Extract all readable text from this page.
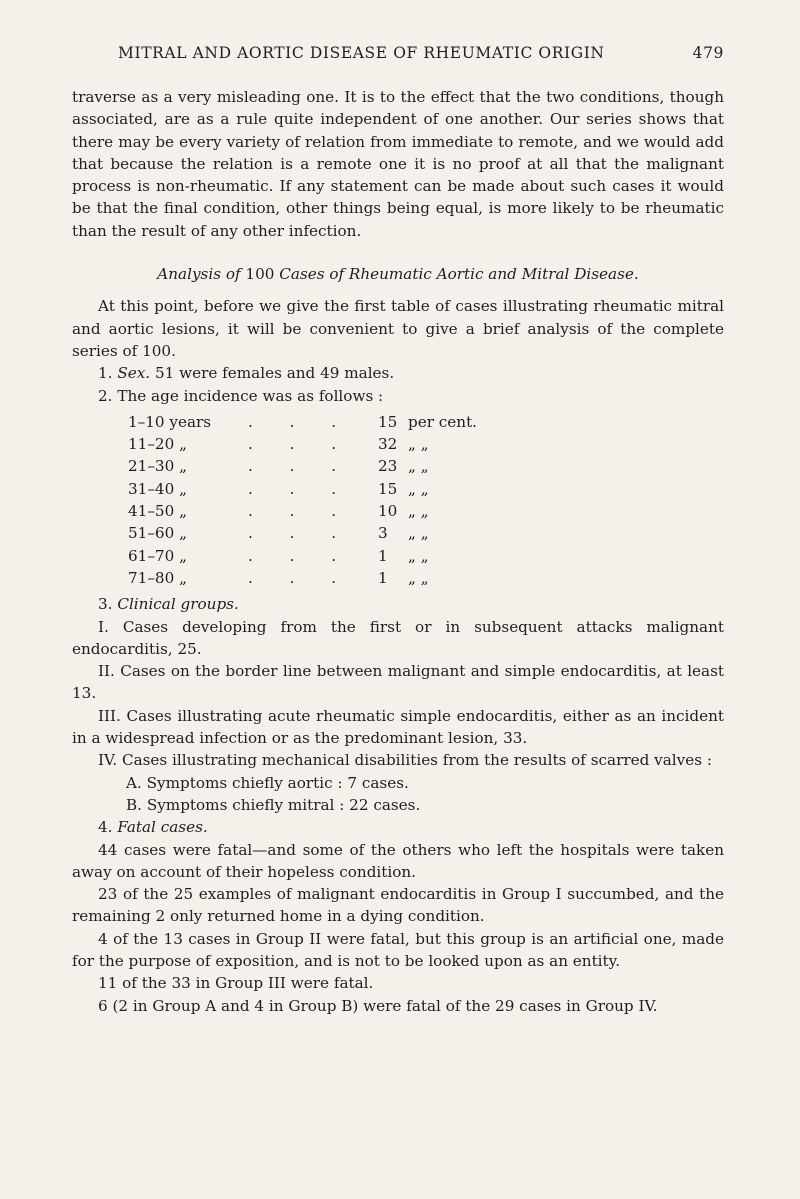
MITRAL AND AORTIC DISEASE OF RHEUMATIC ORIGIN	479

traverse as a very misleading one. It is to the effect that the two conditions, though associated, are as a rule quite independent of one another. Our series shows that there may be every variety of relation from immediate to remote, and we would add that because the relation is a remote one it is no proof at all that the malignant process is non-rheumatic. If any statement can be made about such cases it would be that the final condition, other things being equal, is more likely to be rheumatic than the result of any other infection.

Analysis of 100 Cases of Rheumatic Aortic and Mitral Disease.

At this point, before we give the first table of cases illustrating rheumatic mitral and aortic lesions, it will be convenient to give a brief analysis of the complete series of 100.

1. Sex. 51 were females and 49 males.

2. The age incidence was as follows :

1–10 years	. . .	15	per cent.
11–20 „	. . .	32	„ „
21–30 „	. . .	23	„ „
31–40 „	. . .	15	„ „
41–50 „	. . .	10	„ „
51–60 „	. . .	3	„ „
61–70 „	. . .	1	„ „
71–80 „	. . .	1	„ „

3. Clinical groups.

I. Cases developing from the first or in subsequent attacks malignant endocarditis, 25.

II. Cases on the border line between malignant and simple endocarditis, at least 13.

III. Cases illustrating acute rheumatic simple endocarditis, either as an incident in a widespread infection or as the predominant lesion, 33.

IV. Cases illustrating mechanical disabilities from the results of scarred valves :

A. Symptoms chiefly aortic : 7 cases.

B. Symptoms chiefly mitral : 22 cases.

4. Fatal cases.

44 cases were fatal—and some of the others who left the hospitals were taken away on account of their hopeless condition.

23 of the 25 examples of malignant endocarditis in Group I succumbed, and the remaining 2 only returned home in a dying condition.

4 of the 13 cases in Group II were fatal, but this group is an artificial one, made for the purpose of exposition, and is not to be looked upon as an entity.

11 of the 33 in Group III were fatal.

6 (2 in Group A and 4 in Group B) were fatal of the 29 cases in Group IV.
